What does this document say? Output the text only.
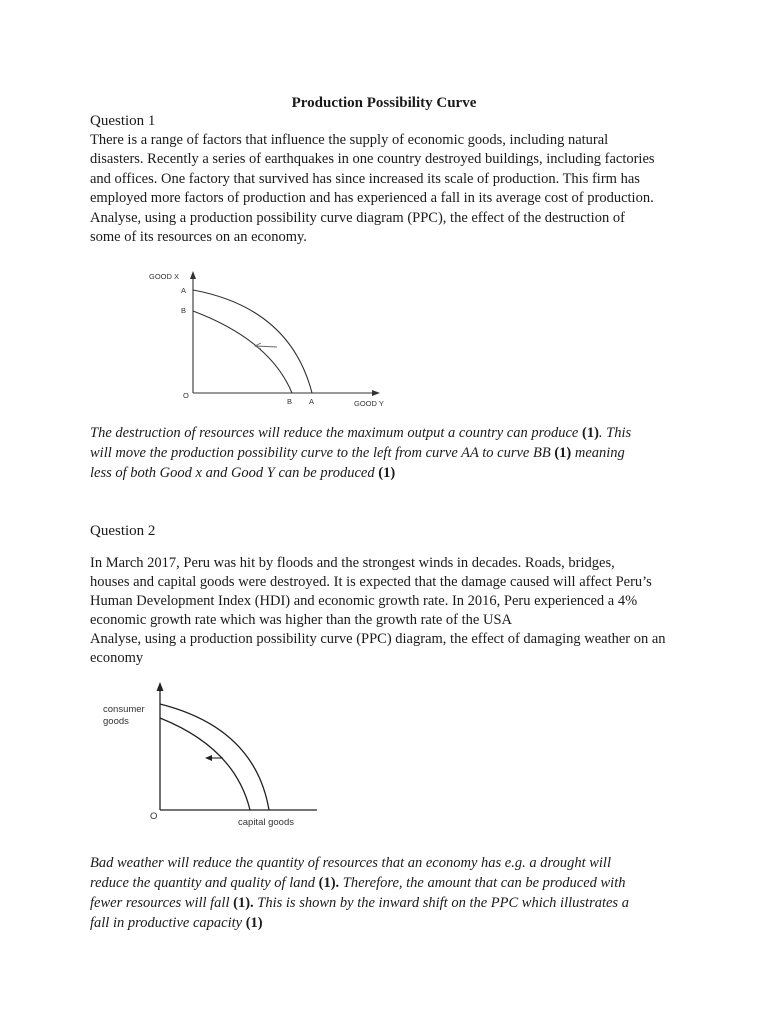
Production Possibility Curve
Question 1
There is a range of factors that influence the supply of economic goods, including natural
disasters. Recently a series of earthquakes in one country destroyed buildings, including factories
and offices. One factory that survived has since increased its scale of production. This firm has
employed more factors of production and has experienced a fall in its average cost of production.
Analyse, using a production possibility curve diagram (PPC), the effect of the destruction of
some of its resources on an economy.
GOOD X
A
B
O
B A	GOOD Y
The destruction of resources will reduce the maximum output a country can produce (1). This
will move the production possibility curve to the left from curve AA to curve BB (1) meaning
less of both Good x and Good Y can be produced (1)
Question 2
In March 2017, Peru was hit by floods and the strongest winds in decades. Roads, bridges,
houses and capital goods were destroyed. It is expected that the damage caused will affect Peru’s
Human Development Index (HDI) and economic growth rate. In 2016, Peru experienced a 4%
economic growth rate which was higher than the growth rate of the USA
Analyse, using a production possibility curve (PPC) diagram, the effect of damaging weather on an
economy
consumer
goods
O
capital goods
Bad weather will reduce the quantity of resources that an economy has e.g. a drought will
reduce the quantity and quality of land (1). Therefore, the amount that can be produced with
fewer resources will fall (1). This is shown by the inward shift on the PPC which illustrates a
fall in productive capacity (1)
